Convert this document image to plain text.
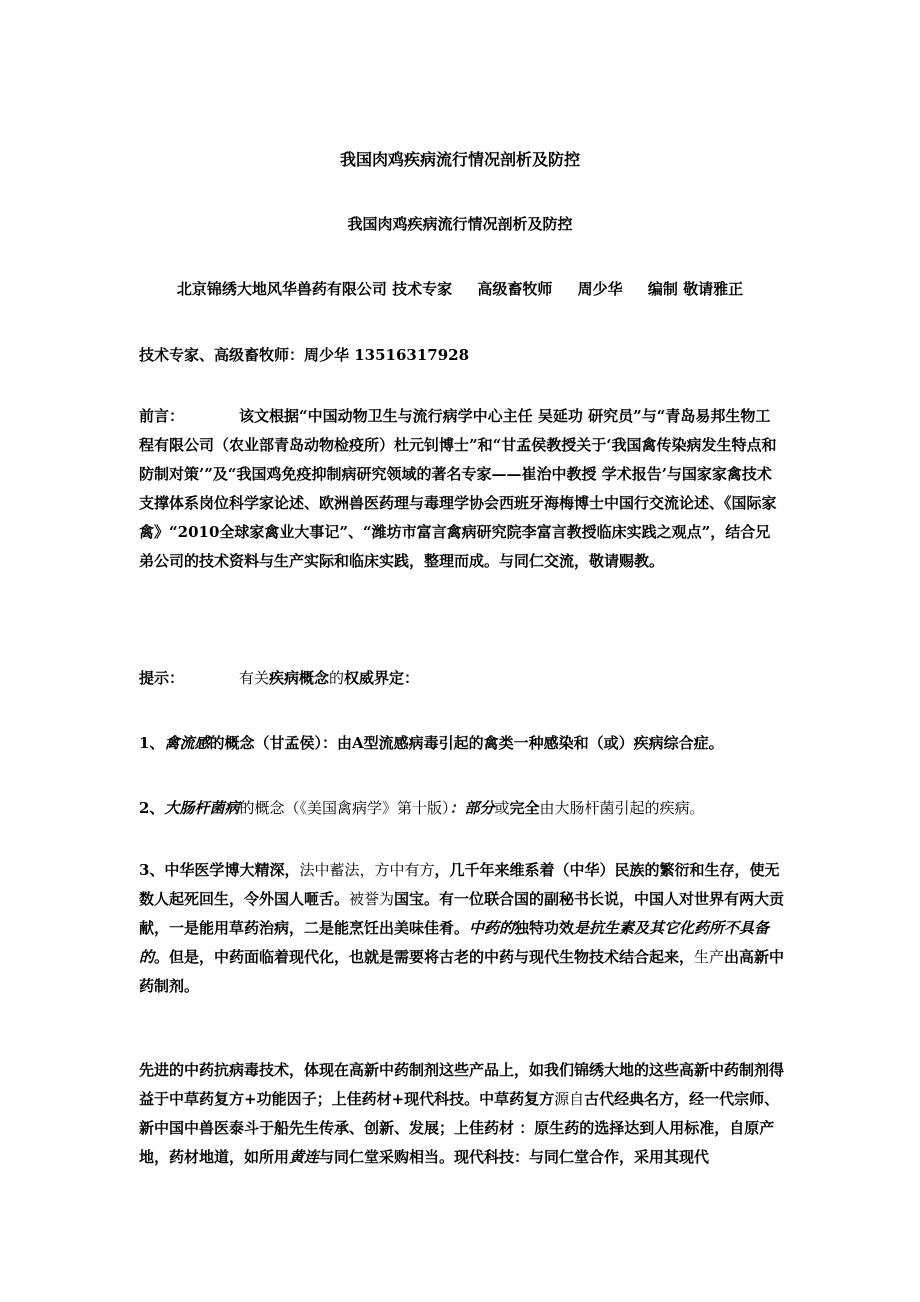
我国肉鸡疾病流行情况剖析及防控
我国肉鸡疾病流行情况剖析及防控
北京锦绣大地风华兽药有限公司 技术专家 高级畜牧师 周少华 编制 敬请雅正
技术专家、高级畜牧师：周少华 13516317928
前言：	该文根据“中国动物卫生与流行病学中心主任 吴延功 研究员”与“青岛易邦生物工程有限公司（农业部青岛动物检疫所）杜元钊博士”和“甘孟侯教授关于‘我国禽传染病发生特点和防制对策’”及“我国鸡免疫抑制病研究领域的著名专家——崔治中教授 学术报告’与国家家禽技术支撑体系岗位科学家论述、欧洲兽医药理与毒理学协会西班牙海梅博士中国行交流论述、《国际家禽》“2010全球家禽业大事记”、“潍坊市富言禽病研究院李富言教授临床实践之观点”，结合兄弟公司的技术资料与生产实际和临床实践，整理而成。与同仁交流，敬请赐教。
提示：	有关疾病概念的权威界定：
1、禽流感的概念（甘孟侯）：由A型流感病毒引起的禽类一种感染和（或）疾病综合症。
2、大肠杆菌病的概念（《美国禽病学》第十版）：部分或完全由大肠杆菌引起的疾病。
3、中华医学博大精深，法中蓄法，方中有方，几千年来维系着（中华）民族的繁衍和生存，使无数人起死回生，令外国人咂舌。被誉为国宝。有一位联合国的副秘书长说，中国人对世界有两大贡献，一是能用草药治病，二是能烹饪出美味佳肴。中药的独特功效是抗生素及其它化药所不具备的。但是，中药面临着现代化，也就是需要将古老的中药与现代生物技术结合起来，生产出高新中药制剂。
先进的中药抗病毒技术，体现在高新中药制剂这些产品上，如我们锦绣大地的这些高新中药制剂得益于中草药复方+功能因子；上佳药材+现代科技。中草药复方源自古代经典名方，经一代宗师、新中国中兽医泰斗于船先生传承、创新、发展；上佳药材 ：原生药的选择达到人用标准，自原产地，药材地道，如所用黄连与同仁堂采购相当。现代科技：与同仁堂合作，采用其现代
